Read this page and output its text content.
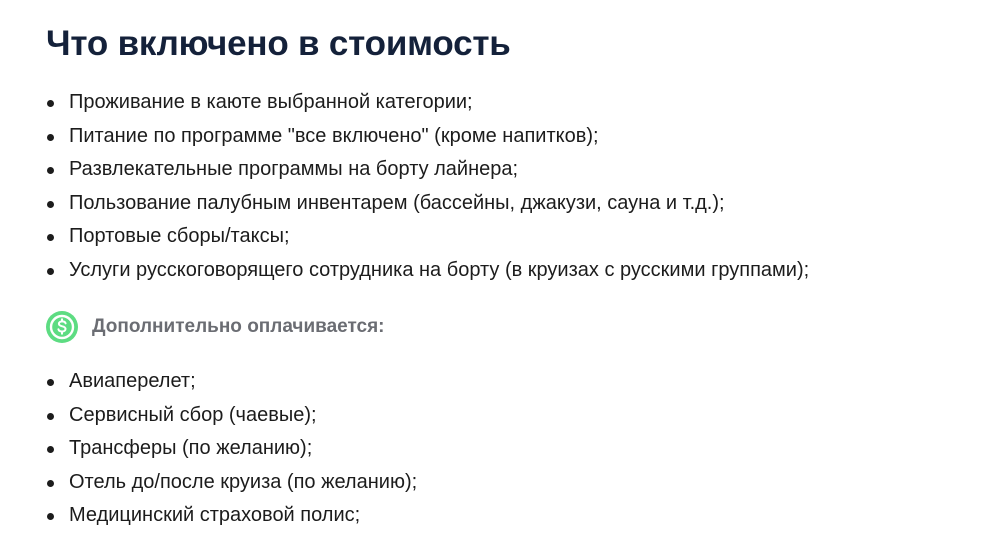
Что включено в стоимость
Проживание в каюте выбранной категории;
Питание по программе "все включено" (кроме напитков);
Развлекательные программы на борту лайнера;
Пользование палубным инвентарем (бассейны, джакузи, сауна и т.д.);
Портовые сборы/таксы;
Услуги русскоговорящего сотрудника на борту (в круизах с русскими группами);
Дополнительно оплачивается:
Авиаперелет;
Сервисный сбор (чаевые);
Трансферы (по желанию);
Отель до/после круиза (по желанию);
Медицинский страховой полис;
